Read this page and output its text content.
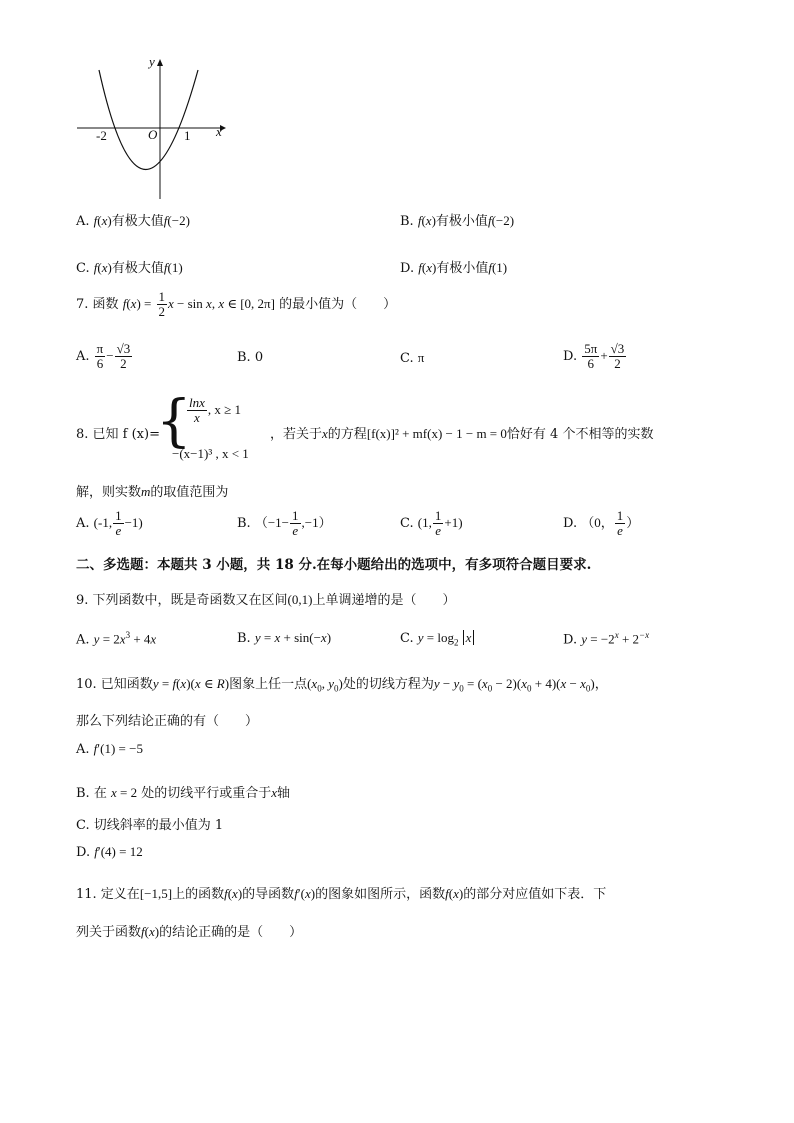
y
x
O
-2	1
A. f(x)有极大值f(−2)	B. f(x)有极小值f(−2)
C. f(x)有极大值f(1)	D. f(x)有极小值f(1)
7. 函数 $f(x) = \frac{1}{2}$ x − sin x, x ∈ [0, 2π] 的最小值为（　　）
A. $\frac{\pi}{6} - \frac{√3}{2}$	B. 0	C. π	D. $\frac{5\pi}{6} + \frac{√3}{2}$
8. 已知 f (x)=
{
$\frac{\ln x}{x}$ , x ≥ 1
−(x−1)³ , x < 1
，若关于x的方程[f(x)]² + mf(x) − 1 − m = 0恰好有 4 个不相等的实数
解，则实数m的取值范围为
A. (-1, $\frac{1}{e} -1$)	B. $(-1- \frac{1}{e} ,-1)$	C. (1, $\frac{1}{e} +1$)	D. （0， $\frac{1}{e}$ ）
二、多选题：本题共 3 小题，共 18 分.在每小题给出的选项中，有多项符合题目要求.
9. 下列函数中，既是奇函数又在区间(0,1)上单调递增的是（　　）
A. $y = 2x^3 + 4x$	B. y = x + sin(−x)	C. $y = \log_2 x$	D. $y = -2^x + 2^{-x}$
10. 已知函数y = f(x)(x ∈ R)图象上任一点($x_0$, $y_0$)处的切线方程为$y - y_0 = (x_0 - 2)(x_0 + 4)(x - x_0)$，
那么下列结论正确的有（　　）
A. f′(1) = −5
B. 在 x = 2 处的切线平行或重合于x轴
C. 切线斜率的最小值为 1
D. f′(4) = 12
11. 定义在[−1,5]上的函数f(x)的导函数f′(x)的图象如图所示，函数f(x)的部分对应值如下表．下
列关于函数f(x)的结论正确的是（　　）
